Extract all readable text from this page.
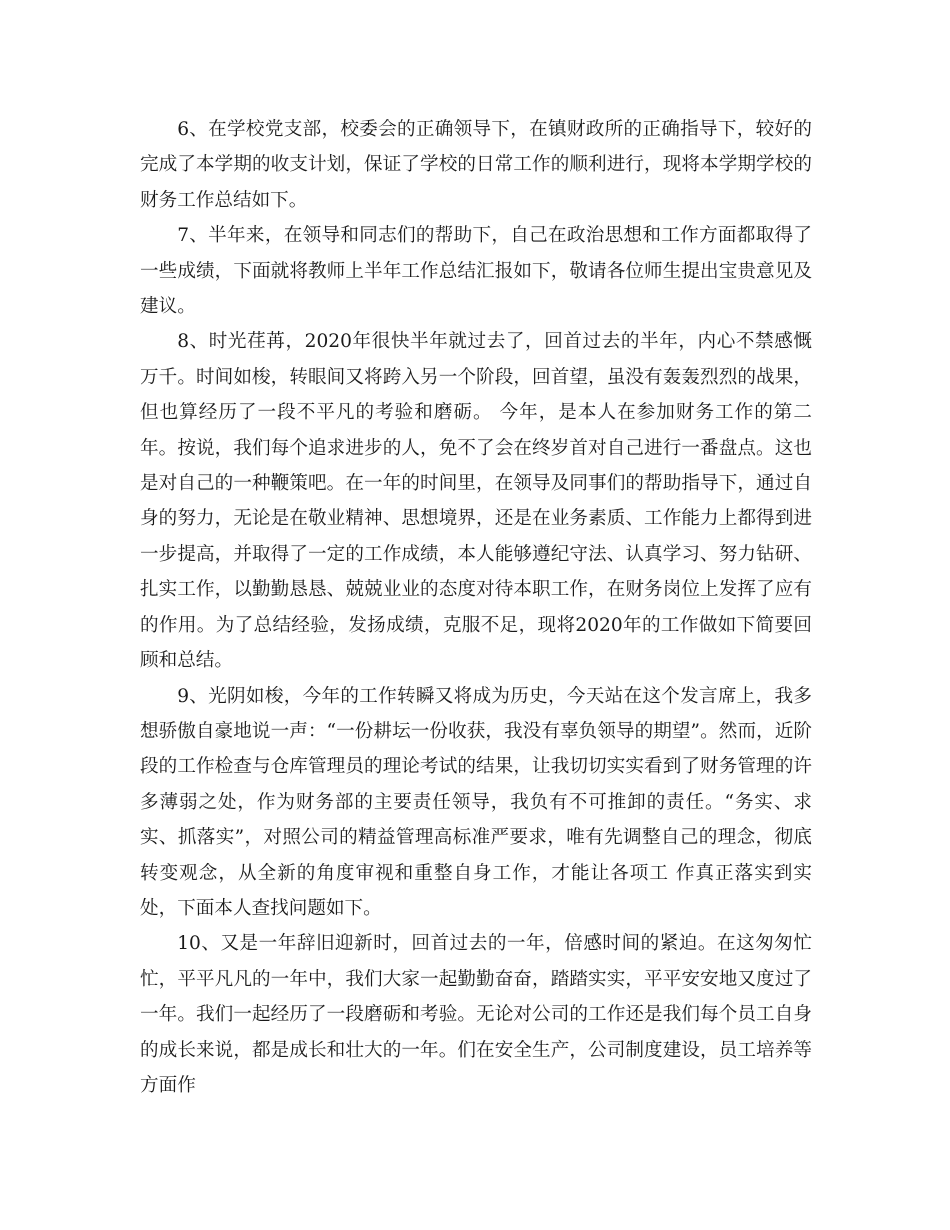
6、在学校党支部，校委会的正确领导下，在镇财政所的正确指导下，较好的完成了本学期的收支计划，保证了学校的日常工作的顺利进行，现将本学期学校的财务工作总结如下。

7、半年来，在领导和同志们的帮助下，自己在政治思想和工作方面都取得了一些成绩，下面就将教师上半年工作总结汇报如下，敬请各位师生提出宝贵意见及建议。

8、时光荏苒，2020年很快半年就过去了，回首过去的半年，内心不禁感慨万千。时间如梭，转眼间又将跨入另一个阶段，回首望，虽没有轰轰烈烈的战果，但也算经历了一段不平凡的考验和磨砺。 今年，是本人在参加财务工作的第二年。按说，我们每个追求进步的人，免不了会在终岁首对自己进行一番盘点。这也是对自己的一种鞭策吧。在一年的时间里，在领导及同事们的帮助指导下，通过自身的努力，无论是在敬业精神、思想境界，还是在业务素质、工作能力上都得到进一步提高，并取得了一定的工作成绩，本人能够遵纪守法、认真学习、努力钻研、扎实工作，以勤勤恳恳、兢兢业业的态度对待本职工作，在财务岗位上发挥了应有的作用。为了总结经验，发扬成绩，克服不足，现将2020年的工作做如下简要回顾和总结。

9、光阴如梭，今年的工作转瞬又将成为历史，今天站在这个发言席上，我多想骄傲自豪地说一声：“一份耕坛一份收获，我没有辜负领导的期望”。然而，近阶段的工作检查与仓库管理员的理论考试的结果，让我切切实实看到了财务管理的许多薄弱之处，作为财务部的主要责任领导，我负有不可推卸的责任。“务实、求实、抓落实”，对照公司的精益管理高标准严要求，唯有先调整自己的理念，彻底转变观念，从全新的角度审视和重整自身工作，才能让各项工 作真正落实到实处，下面本人查找问题如下。

10、又是一年辞旧迎新时，回首过去的一年，倍感时间的紧迫。在这匆匆忙忙，平平凡凡的一年中，我们大家一起勤勤奋奋，踏踏实实，平平安安地又度过了一年。我们一起经历了一段磨砺和考验。无论对公司的工作还是我们每个员工自身的成长来说，都是成长和壮大的一年。们在安全生产，公司制度建设，员工培养等方面作
